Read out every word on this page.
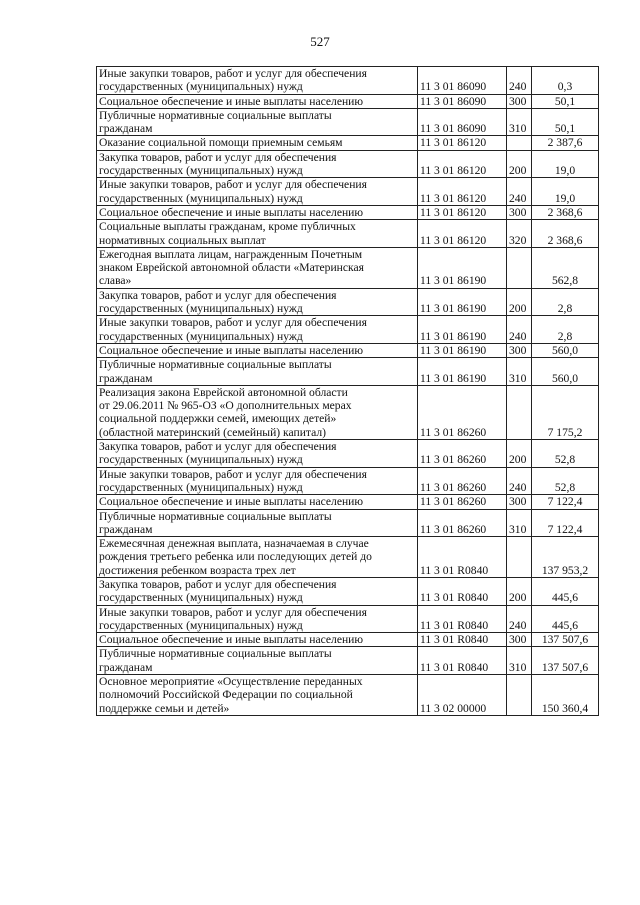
527
Иные закупки товаров, работ и услуг для обеспечения
государственных (муниципальных) нужд	11 3 01 86090	240	0,3

Социальное обеспечение и иные выплаты населению	11 3 01 86090	300	50,1

Публичные нормативные социальные выплаты
гражданам	11 3 01 86090	310	50,1

Оказание социальной помощи приемным семьям	11 3 01 86120		2 387,6

Закупка товаров, работ и услуг для обеспечения
государственных (муниципальных) нужд	11 3 01 86120	200	19,0

Иные закупки товаров, работ и услуг для обеспечения
государственных (муниципальных) нужд	11 3 01 86120	240	19,0

Социальное обеспечение и иные выплаты населению	11 3 01 86120	300	2 368,6

Социальные выплаты гражданам, кроме публичных
нормативных социальных выплат	11 3 01 86120	320	2 368,6

Ежегодная выплата лицам, награжденным Почетным
знаком Еврейской автономной области «Материнская
слава»	11 3 01 86190		562,8

Закупка товаров, работ и услуг для обеспечения
государственных (муниципальных) нужд	11 3 01 86190	200	2,8

Иные закупки товаров, работ и услуг для обеспечения
государственных (муниципальных) нужд	11 3 01 86190	240	2,8

Социальное обеспечение и иные выплаты населению	11 3 01 86190	300	560,0

Публичные нормативные социальные выплаты
гражданам	11 3 01 86190	310	560,0

Реализация закона Еврейской автономной области
от 29.06.2011 № 965-ОЗ «О дополнительных мерах
социальной поддержки семей, имеющих детей»
(областной материнский (семейный) капитал)	11 3 01 86260		7 175,2

Закупка товаров, работ и услуг для обеспечения
государственных (муниципальных) нужд	11 3 01 86260	200	52,8

Иные закупки товаров, работ и услуг для обеспечения
государственных (муниципальных) нужд	11 3 01 86260	240	52,8

Социальное обеспечение и иные выплаты населению	11 3 01 86260	300	7 122,4

Публичные нормативные социальные выплаты
гражданам	11 3 01 86260	310	7 122,4

Ежемесячная денежная выплата, назначаемая в случае
рождения третьего ребенка или последующих детей до
достижения ребенком возраста трех лет	11 3 01 R0840		137 953,2

Закупка товаров, работ и услуг для обеспечения
государственных (муниципальных) нужд	11 3 01 R0840	200	445,6

Иные закупки товаров, работ и услуг для обеспечения
государственных (муниципальных) нужд	11 3 01 R0840	240	445,6

Социальное обеспечение и иные выплаты населению	11 3 01 R0840	300	137 507,6

Публичные нормативные социальные выплаты
гражданам	11 3 01 R0840	310	137 507,6

Основное мероприятие «Осуществление переданных
полномочий Российской Федерации по социальной
поддержке семьи и детей»	11 3 02 00000		150 360,4
